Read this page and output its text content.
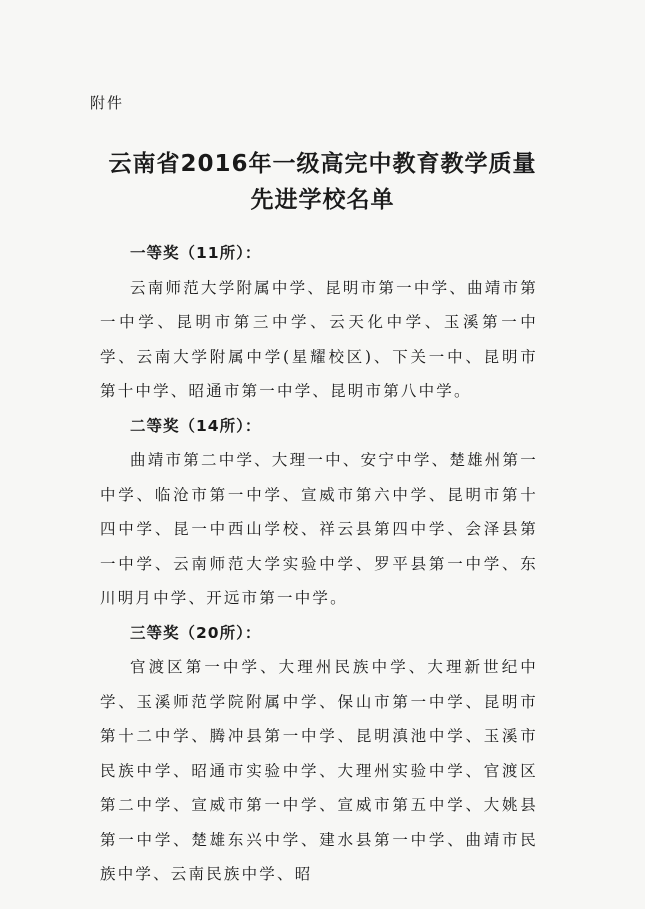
附件
云南省2016年一级高完中教育教学质量
先进学校名单
一等奖（11所）：
云南师范大学附属中学、昆明市第一中学、曲靖市第一中学、昆明市第三中学、云天化中学、玉溪第一中学、云南大学附属中学(星耀校区)、下关一中、昆明市第十中学、昭通市第一中学、昆明市第八中学。
二等奖（14所）：
曲靖市第二中学、大理一中、安宁中学、楚雄州第一中学、临沧市第一中学、宣威市第六中学、昆明市第十四中学、昆一中西山学校、祥云县第四中学、会泽县第一中学、云南师范大学实验中学、罗平县第一中学、东川明月中学、开远市第一中学。
三等奖（20所）：
官渡区第一中学、大理州民族中学、大理新世纪中学、玉溪师范学院附属中学、保山市第一中学、昆明市第十二中学、腾冲县第一中学、昆明滇池中学、玉溪市民族中学、昭通市实验中学、大理州实验中学、官渡区第二中学、宣威市第一中学、宣威市第五中学、大姚县第一中学、楚雄东兴中学、建水县第一中学、曲靖市民族中学、云南民族中学、昭
